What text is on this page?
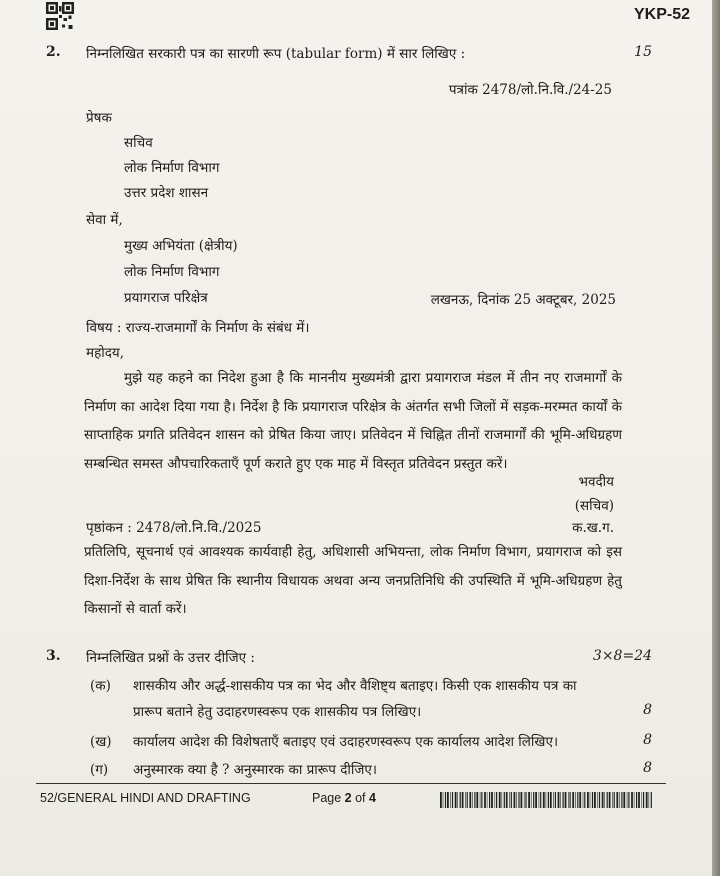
YKP-52
2. निम्नलिखित सरकारी पत्र का सारणी रूप (tabular form) में सार लिखिए :	15
पत्रांक 2478/लो.नि.वि./24-25
प्रेषक
सचिव
लोक निर्माण विभाग
उत्तर प्रदेश शासन
सेवा में,
मुख्य अभियंता (क्षेत्रीय)
लोक निर्माण विभाग
प्रयागराज परिक्षेत्र	लखनऊ, दिनांक 25 अक्टूबर, 2025
विषय : राज्य-राजमार्गों के निर्माण के संबंध में।
महोदय,

मुझे यह कहने का निदेश हुआ है कि माननीय मुख्यमंत्री द्वारा प्रयागराज मंडल में तीन नए राजमार्गों के निर्माण का आदेश दिया गया है। निर्देश है कि प्रयागराज परिक्षेत्र के अंतर्गत सभी जिलों में सड़क-मरम्मत कार्यों के साप्ताहिक प्रगति प्रतिवेदन शासन को प्रेषित किया जाए। प्रतिवेदन में चिह्नित तीनों राजमार्गों की भूमि-अधिग्रहण सम्बन्धित समस्त औपचारिकताएँ पूर्ण कराते हुए एक माह में विस्तृत प्रतिवेदन प्रस्तुत करें।

भवदीय
(सचिव)
पृष्ठांकन : 2478/लो.नि.वि./2025	क.ख.ग.

प्रतिलिपि, सूचनार्थ एवं आवश्यक कार्यवाही हेतु, अधिशासी अभियन्ता, लोक निर्माण विभाग, प्रयागराज को इस दिशा-निर्देश के साथ प्रेषित कि स्थानीय विधायक अथवा अन्य जनप्रतिनिधि की उपस्थिति में भूमि-अधिग्रहण हेतु किसानों से वार्ता करें।

3. निम्नलिखित प्रश्नों के उत्तर दीजिए :	3×8=24
(क) शासकीय और अर्द्ध-शासकीय पत्र का भेद और वैशिष्ट्य बताइए। किसी एक शासकीय पत्र का
प्रारूप बताने हेतु उदाहरणस्वरूप एक शासकीय पत्र लिखिए।	8
(ख) कार्यालय आदेश की विशेषताएँ बताइए एवं उदाहरणस्वरूप एक कार्यालय आदेश लिखिए।	8
(ग) अनुस्मारक क्या है ? अनुस्मारक का प्रारूप दीजिए।	8
52/GENERAL HINDI AND DRAFTING	Page 2 of 4
